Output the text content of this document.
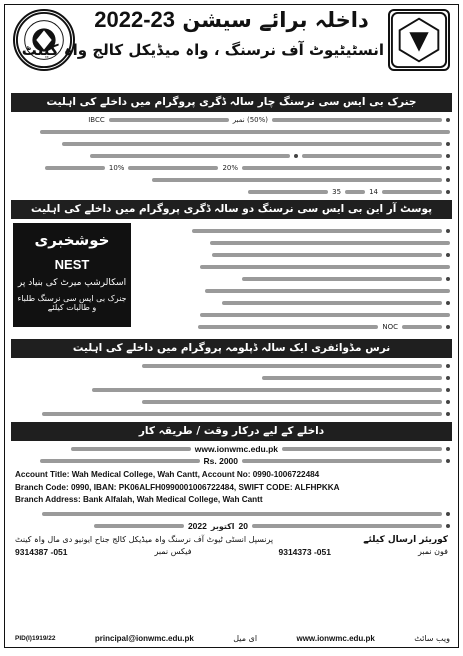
داخلہ برائے سیشن 2022-23
انسٹیٹیوٹ آف نرسنگ ، واہ میڈیکل کالج واہ کینٹ
جنرک بی ایس سی نرسنگ چار سالہ ڈگری پروگرام میں داخلے کی اہلیت
IBCC	(50%) نمبر
10%	20%
35	14
پوسٹ آر این بی ایس سی نرسنگ دو سالہ ڈگری پروگرام میں داخلے کی اہلیت
خوشخبری
NEST
اسکالرشپ میرٹ کی بنیاد پر
جنرک بی ایس سی نرسنگ طلباء و طالبات کیلئے
NOC
نرس مڈوائفری ایک سالہ ڈپلومہ پروگرام میں داخلے کی اہلیت
داخلے کے لیے درکار وقت / طریقہ کار
www.ionwmc.edu.pk
Rs. 2000
Account Title: Wah Medical College, Wah Cantt, Account No: 0990-1006722484
Branch Code: 0990, IBAN: PK06ALFH0990001006722484, SWIFT CODE: ALFHPKKA
Branch Address: Bank Alfalah, Wah Medical College, Wah Cantt
2022 اکتوبر 20
کوریئر ارسال کیلئے
پرنسپل انسٹی ٹیوٹ آف نرسنگ واہ میڈیکل کالج جناح ایونیو دی مال واہ کینٹ
فون نمبر
051- 9314373
فیکس نمبر
051- 9314387
PID(I)1919/22	principal@ionwmc.edu.pk	ای میل	www.ionwmc.edu.pk	ویب سائٹ
